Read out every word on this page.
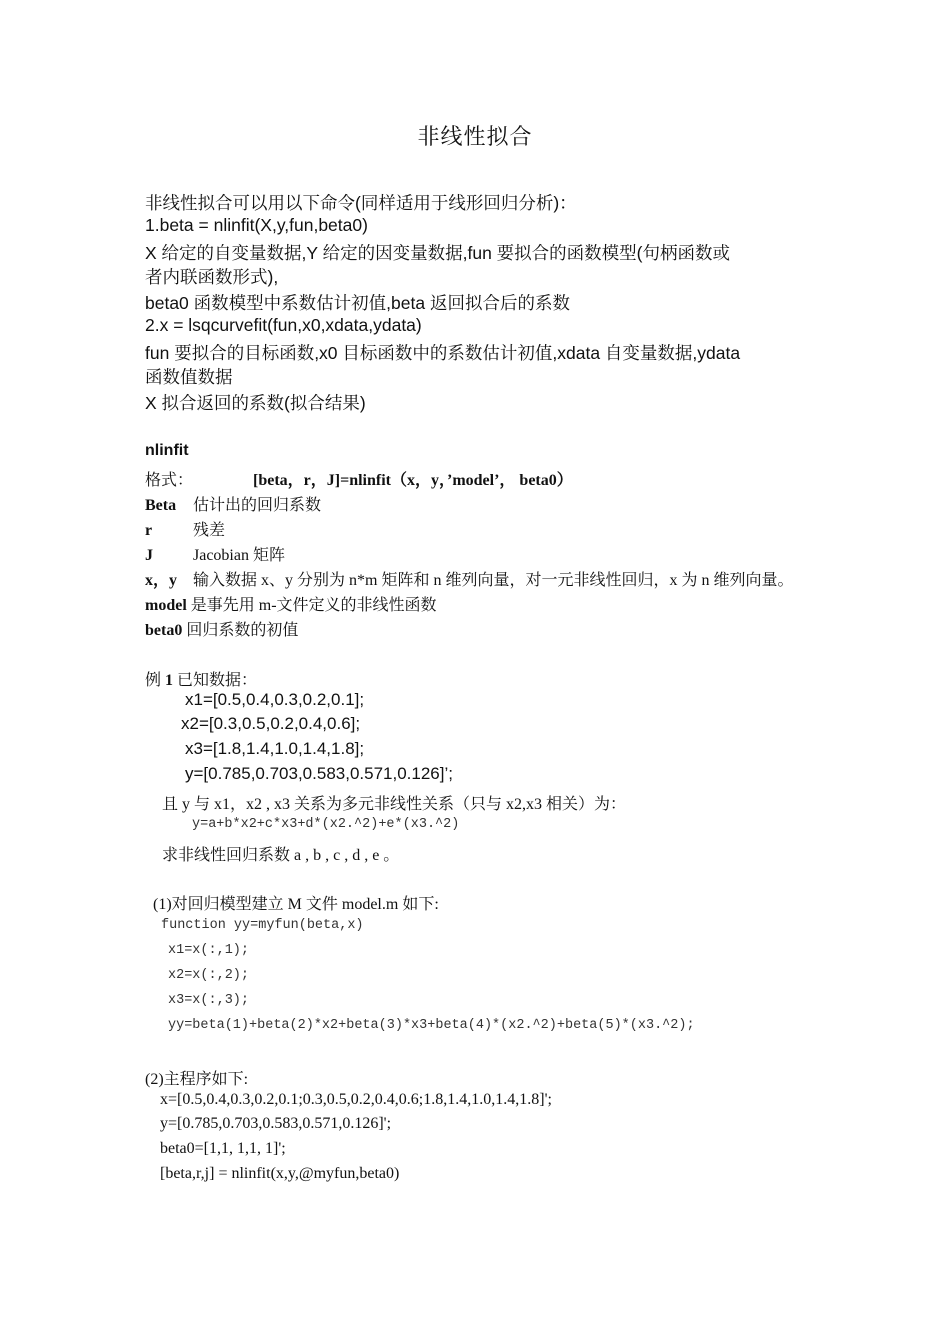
非线性拟合
非线性拟合可以用以下命令(同样适用于线形回归分析)：
1.beta = nlinfit(X,y,fun,beta0)
X 给定的自变量数据,Y 给定的因变量数据,fun 要拟合的函数模型(句柄函数或
者内联函数形式),
beta0 函数模型中系数估计初值,beta 返回拟合后的系数
2.x = lsqcurvefit(fun,x0,xdata,ydata)
fun 要拟合的目标函数,x0 目标函数中的系数估计初值,xdata 自变量数据,ydata
函数值数据
X 拟合返回的系数(拟合结果)
nlinfit
格式：	[beta，r，J]=nlinfit（x，y，’model’， beta0）
Beta 估计出的回归系数
r	残差
J	Jacobian 矩阵
x，y 输入数据 x、y 分别为 n*m 矩阵和 n 维列向量，对一元非线性回归，x 为 n 维列向量。
model 是事先用 m-文件定义的非线性函数
beta0 回归系数的初值
例 1 已知数据：
x1=[0.5,0.4,0.3,0.2,0.1];
x2=[0.3,0.5,0.2,0.4,0.6];
x3=[1.8,1.4,1.0,1.4,1.8];
y=[0.785,0.703,0.583,0.571,0.126]’;
且 y 与 x1，x2 , x3 关系为多元非线性关系（只与 x2,x3 相关）为：
y=a+b*x2+c*x3+d*(x2.^2)+e*(x3.^2)
求非线性回归系数 a , b , c , d , e 。
(1)对回归模型建立 M 文件 model.m 如下:
function yy=myfun(beta,x)
x1=x(:,1);
x2=x(:,2);
x3=x(:,3);
yy=beta(1)+beta(2)*x2+beta(3)*x3+beta(4)*(x2.^2)+beta(5)*(x3.^2);
(2)主程序如下:
x=[0.5,0.4,0.3,0.2,0.1;0.3,0.5,0.2,0.4,0.6;1.8,1.4,1.0,1.4,1.8]';
y=[0.785,0.703,0.583,0.571,0.126]';
beta0=[1,1, 1,1, 1]';
[beta,r,j] = nlinfit(x,y,@myfun,beta0)
